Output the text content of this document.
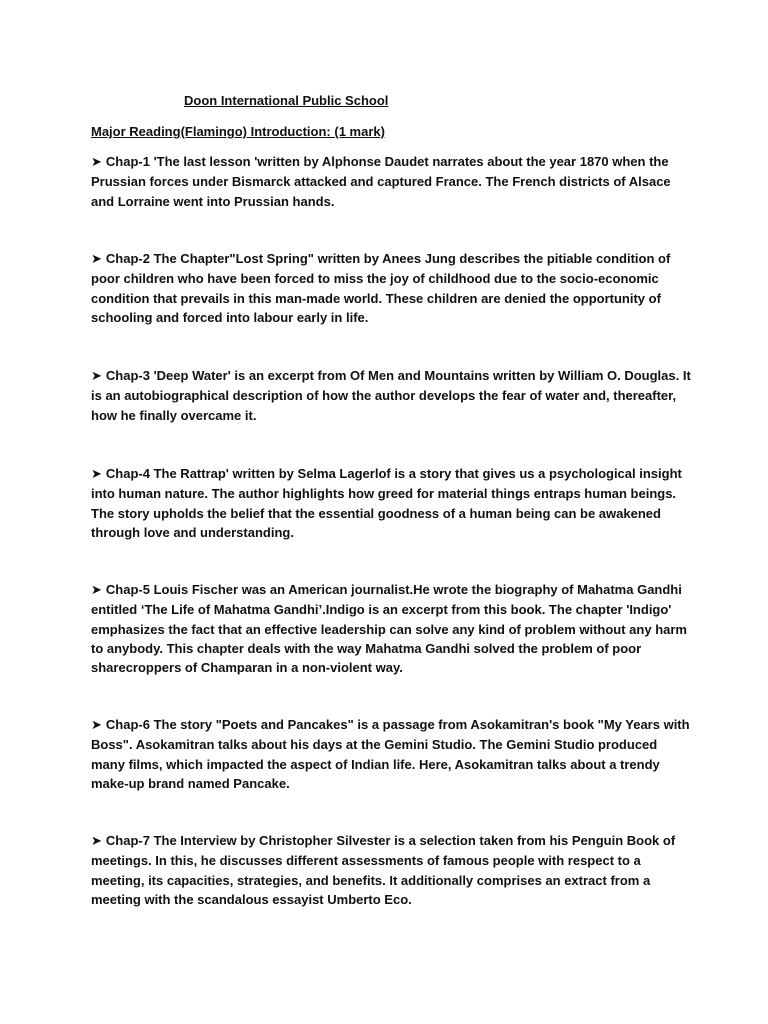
Doon International Public School
Major Reading(Flamingo) Introduction: (1 mark)

➤ Chap-1 'The last lesson 'written by Alphonse Daudet narrates about the year 1870 when the Prussian forces under Bismarck attacked and captured France. The French districts of Alsace and Lorraine went into Prussian hands.

➤ Chap-2 The Chapter"Lost Spring" written by Anees Jung describes the pitiable condition of poor children who have been forced to miss the joy of childhood due to the socio-economic condition that prevails in this man-made world. These children are denied the opportunity of schooling and forced into labour early in life.

➤ Chap-3 'Deep Water' is an excerpt from Of Men and Mountains written by William O. Douglas. It is an autobiographical description of how the author develops the fear of water and, thereafter, how he finally overcame it.

➤ Chap-4 The Rattrap' written by Selma Lagerlof is a story that gives us a psychological insight into human nature. The author highlights how greed for material things entraps human beings. The story upholds the belief that the essential goodness of a human being can be awakened through love and understanding.

➤ Chap-5 Louis Fischer was an American journalist.He wrote the biography of Mahatma Gandhi entitled ‘The Life of Mahatma Gandhi’.Indigo is an excerpt from this book. The chapter 'Indigo' emphasizes the fact that an effective leadership can solve any kind of problem without any harm to anybody. This chapter deals with the way Mahatma Gandhi solved the problem of poor sharecroppers of Champaran in a non-violent way.

➤ Chap-6 The story "Poets and Pancakes" is a passage from Asokamitran's book "My Years with Boss". Asokamitran talks about his days at the Gemini Studio. The Gemini Studio produced many films, which impacted the aspect of Indian life. Here, Asokamitran talks about a trendy make-up brand named Pancake.

➤ Chap-7 The Interview by Christopher Silvester is a selection taken from his Penguin Book of meetings. In this, he discusses different assessments of famous people with respect to a meeting, its capacities, strategies, and benefits. It additionally comprises an extract from a meeting with the scandalous essayist Umberto Eco.
